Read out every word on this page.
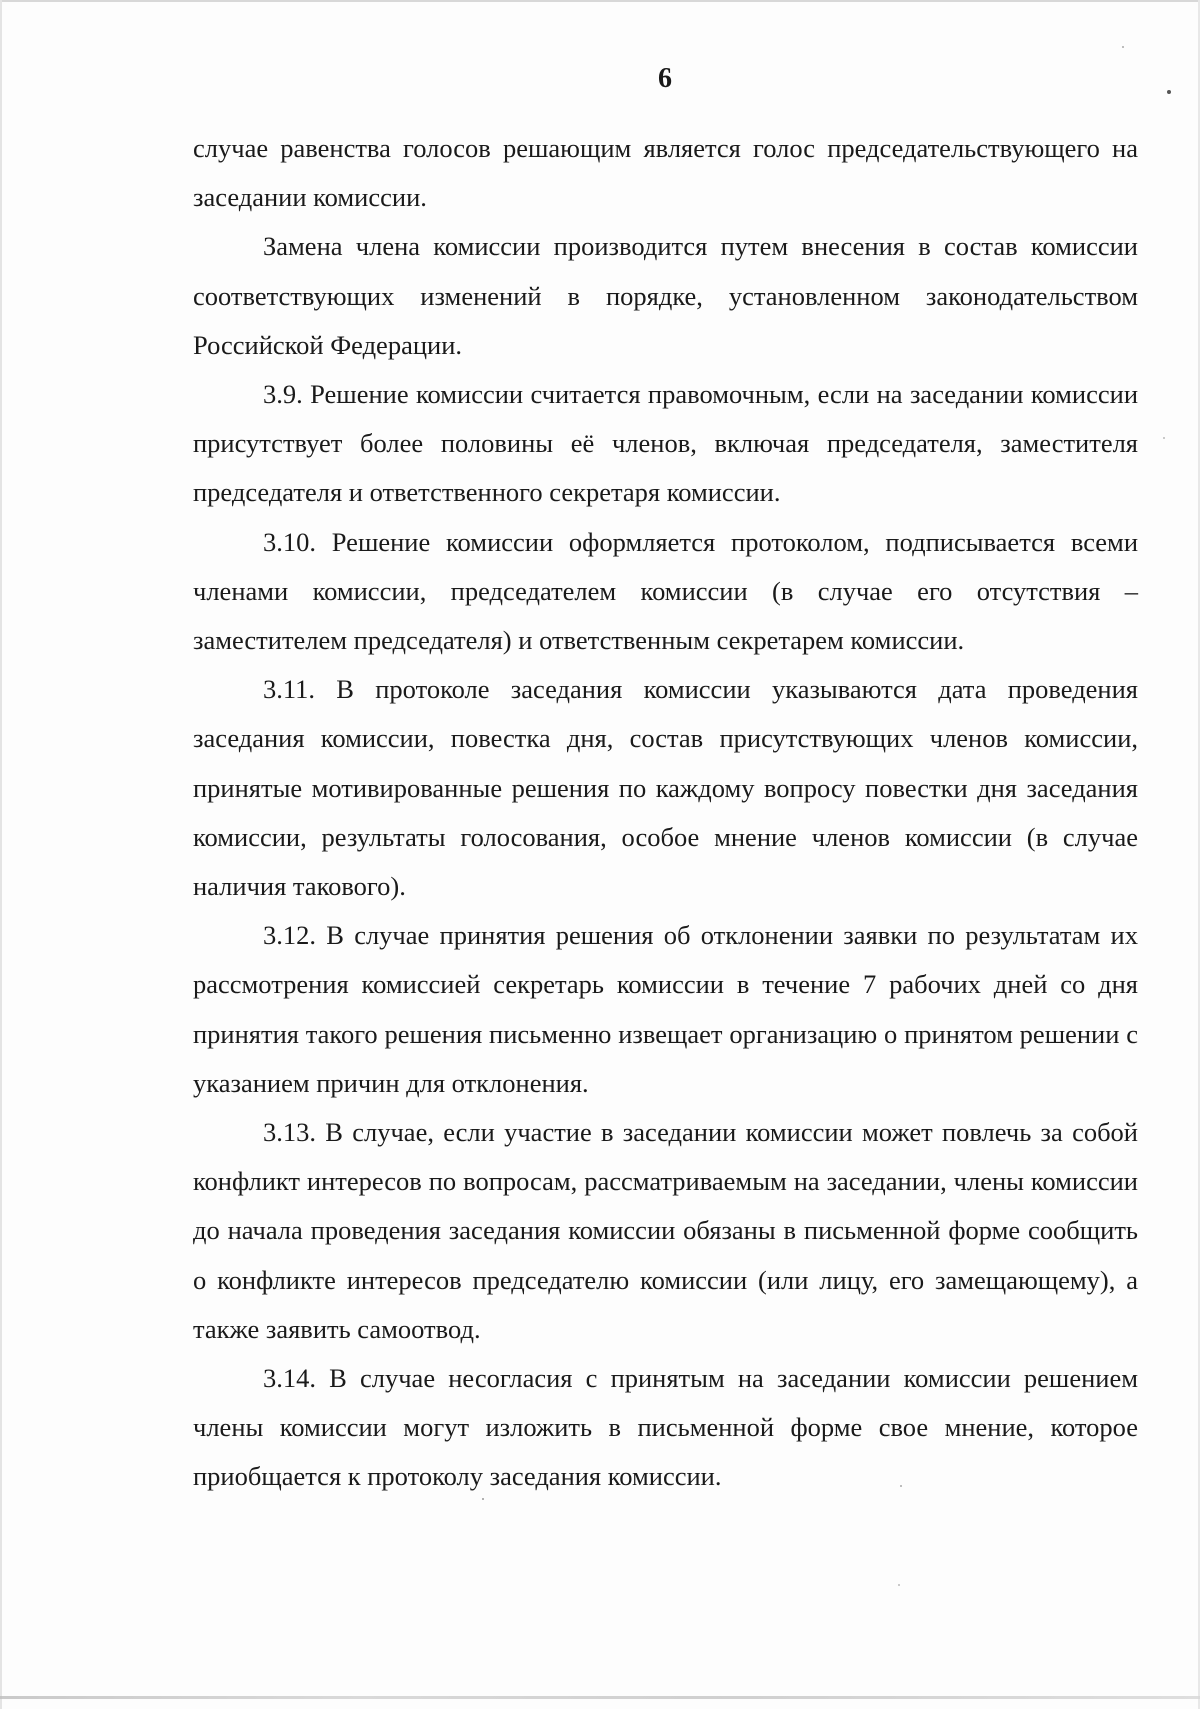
6

случае равенства голосов решающим является голос председательствующего на заседании комиссии.

Замена члена комиссии производится путем внесения в состав комиссии соответствующих изменений в порядке, установленном законодательством Российской Федерации.

3.9. Решение комиссии считается правомочным, если на заседании комиссии присутствует более половины её членов, включая председателя, заместителя председателя и ответственного секретаря комиссии.

3.10. Решение комиссии оформляется протоколом, подписывается всеми членами комиссии, председателем комиссии (в случае его отсутствия – заместителем председателя) и ответственным секретарем комиссии.

3.11. В протоколе заседания комиссии указываются дата проведения заседания комиссии, повестка дня, состав присутствующих членов комиссии, принятые мотивированные решения по каждому вопросу повестки дня заседания комиссии, результаты голосования, особое мнение членов комиссии (в случае наличия такового).

3.12. В случае принятия решения об отклонении заявки по результатам их рассмотрения комиссией секретарь комиссии в течение 7 рабочих дней со дня принятия такого решения письменно извещает организацию о принятом решении с указанием причин для отклонения.

3.13. В случае, если участие в заседании комиссии может повлечь за собой конфликт интересов по вопросам, рассматриваемым на заседании, члены комиссии до начала проведения заседания комиссии обязаны в письменной форме сообщить о конфликте интересов председателю комиссии (или лицу, его замещающему), а также заявить самоотвод.

3.14. В случае несогласия с принятым на заседании комиссии решением члены комиссии могут изложить в письменной форме свое мнение, которое приобщается к протоколу заседания комиссии.
